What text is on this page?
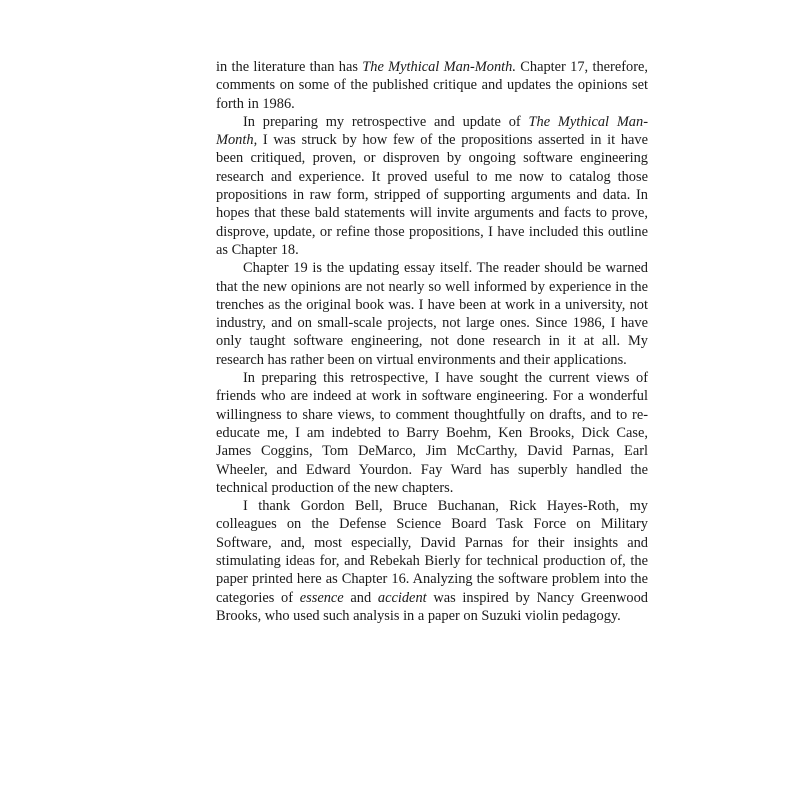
in the literature than has The Mythical Man-Month. Chapter 17, therefore, comments on some of the published critique and updates the opinions set forth in 1986.

In preparing my retrospective and update of The Mythical Man-Month, I was struck by how few of the propositions asserted in it have been critiqued, proven, or disproven by ongoing software engineering research and experience. It proved useful to me now to catalog those propositions in raw form, stripped of supporting arguments and data. In hopes that these bald statements will invite arguments and facts to prove, disprove, update, or refine those propositions, I have included this outline as Chapter 18.

Chapter 19 is the updating essay itself. The reader should be warned that the new opinions are not nearly so well informed by experience in the trenches as the original book was. I have been at work in a university, not industry, and on small-scale projects, not large ones. Since 1986, I have only taught software engineering, not done research in it at all. My research has rather been on virtual environments and their applications.

In preparing this retrospective, I have sought the current views of friends who are indeed at work in software engineering. For a wonderful willingness to share views, to comment thoughtfully on drafts, and to re-educate me, I am indebted to Barry Boehm, Ken Brooks, Dick Case, James Coggins, Tom DeMarco, Jim McCarthy, David Parnas, Earl Wheeler, and Edward Yourdon. Fay Ward has superbly handled the technical production of the new chapters.

I thank Gordon Bell, Bruce Buchanan, Rick Hayes-Roth, my colleagues on the Defense Science Board Task Force on Military Software, and, most especially, David Parnas for their insights and stimulating ideas for, and Rebekah Bierly for technical production of, the paper printed here as Chapter 16. Analyzing the software problem into the categories of essence and accident was inspired by Nancy Greenwood Brooks, who used such analysis in a paper on Suzuki violin pedagogy.
